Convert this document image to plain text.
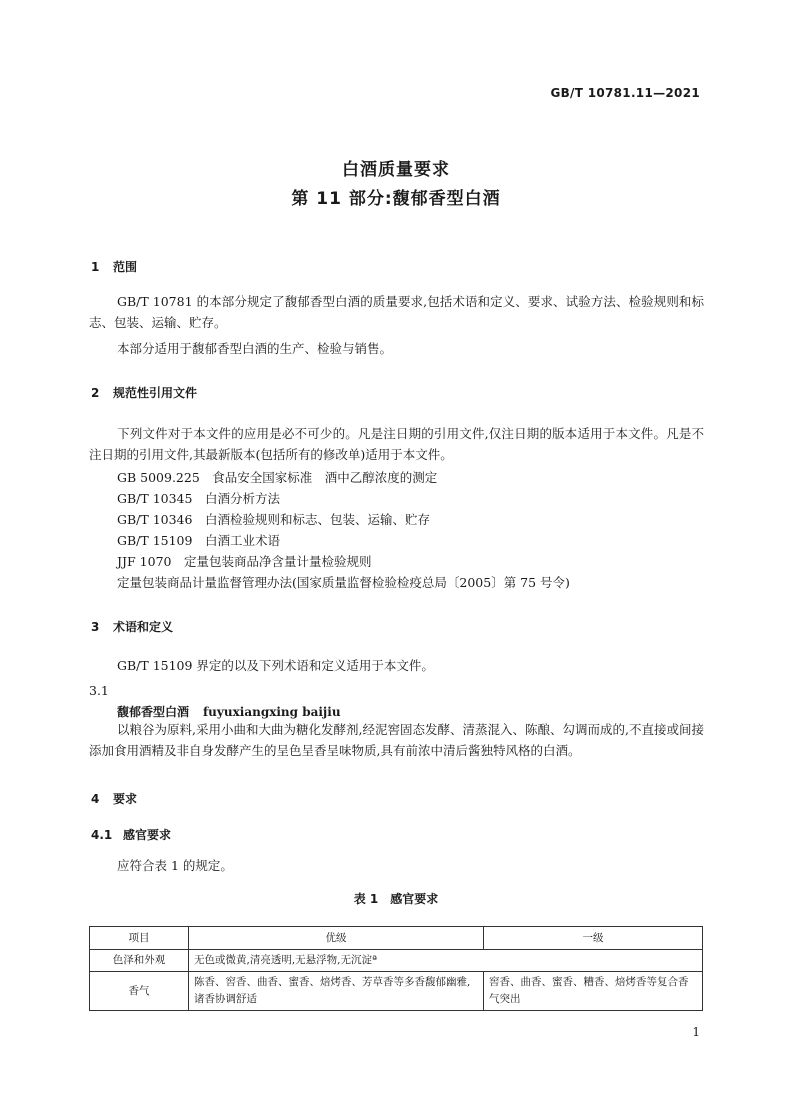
GB/T 10781.11—2021
白酒质量要求
第 11 部分:馥郁香型白酒
1 范围
GB/T 10781 的本部分规定了馥郁香型白酒的质量要求,包括术语和定义、要求、试验方法、检验规则和标志、包装、运输、贮存。
本部分适用于馥郁香型白酒的生产、检验与销售。
2 规范性引用文件
下列文件对于本文件的应用是必不可少的。凡是注日期的引用文件,仅注日期的版本适用于本文件。凡是不注日期的引用文件,其最新版本(包括所有的修改单)适用于本文件。
GB 5009.225　食品安全国家标准　酒中乙醇浓度的测定
GB/T 10345　白酒分析方法
GB/T 10346　白酒检验规则和标志、包装、运输、贮存
GB/T 15109　白酒工业术语
JJF 1070　定量包装商品净含量计量检验规则
定量包装商品计量监督管理办法(国家质量监督检验检疫总局〔2005〕第 75 号令)
3 术语和定义
GB/T 15109 界定的以及下列术语和定义适用于本文件。
3.1
馥郁香型白酒 fuyuxiangxing baijiu
以粮谷为原料,采用小曲和大曲为糖化发酵剂,经泥窖固态发酵、清蒸混入、陈酿、勾调而成的,不直接或间接添加食用酒精及非自身发酵产生的呈色呈香呈味物质,具有前浓中清后酱独特风格的白酒。
4 要求
4.1 感官要求
应符合表 1 的规定。
表 1　感官要求
项目	优级	一级
色泽和外观	无色或微黄,清亮透明,无悬浮物,无沉淀ª	
香气	陈香、窖香、曲香、蜜香、焙烤香、芳草香等多香馥郁幽雅,诸香协调舒适	窖香、曲香、蜜香、糟香、焙烤香等复合香气突出
1
